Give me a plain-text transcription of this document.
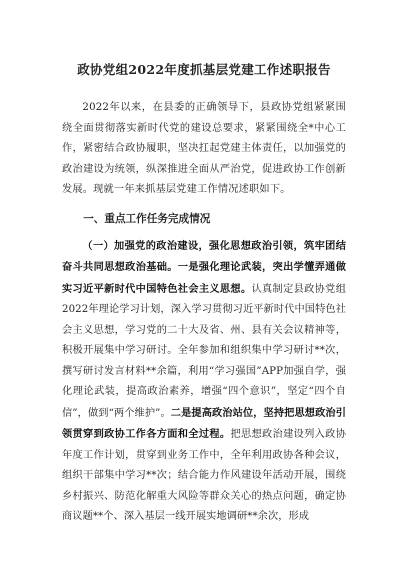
政协党组2022年度抓基层党建工作述职报告

2022年以来，在县委的正确领导下，县政协党组紧紧围绕全面贯彻落实新时代党的建设总要求，紧紧围绕全*中心工作，紧密结合政协履职，坚决扛起党建主体责任，以加强党的政治建设为统领，纵深推进全面从严治党，促进政协工作创新发展。现就一年来抓基层党建工作情况述职如下。

一、重点工作任务完成情况

（一）加强党的政治建设，强化思想政治引领，筑牢团结奋斗共同思想政治基础。一是强化理论武装，突出学懂弄通做实习近平新时代中国特色社会主义思想。认真制定县政协党组2022年理论学习计划，深入学习贯彻习近平新时代中国特色社会主义思想，学习党的二十大及省、州、县有关会议精神等，积极开展集中学习研讨。全年参加和组织集中学习研讨**次，撰写研讨发言材料**余篇，利用“学习强国”APP加强自学，强化理论武装，提高政治素养，增强“四个意识”，坚定“四个自信”，做到“两个维护”。二是提高政治站位，坚持把思想政治引领贯穿到政协工作各方面和全过程。把思想政治建设列入政协年度工作计划，贯穿到业务工作中，全年利用政协各种会议，组织干部集中学习**次；结合能力作风建设年活动开展，围绕乡村振兴、防范化解重大风险等群众关心的热点问题，确定协商议题**个、深入基层一线开展实地调研**余次，形成
